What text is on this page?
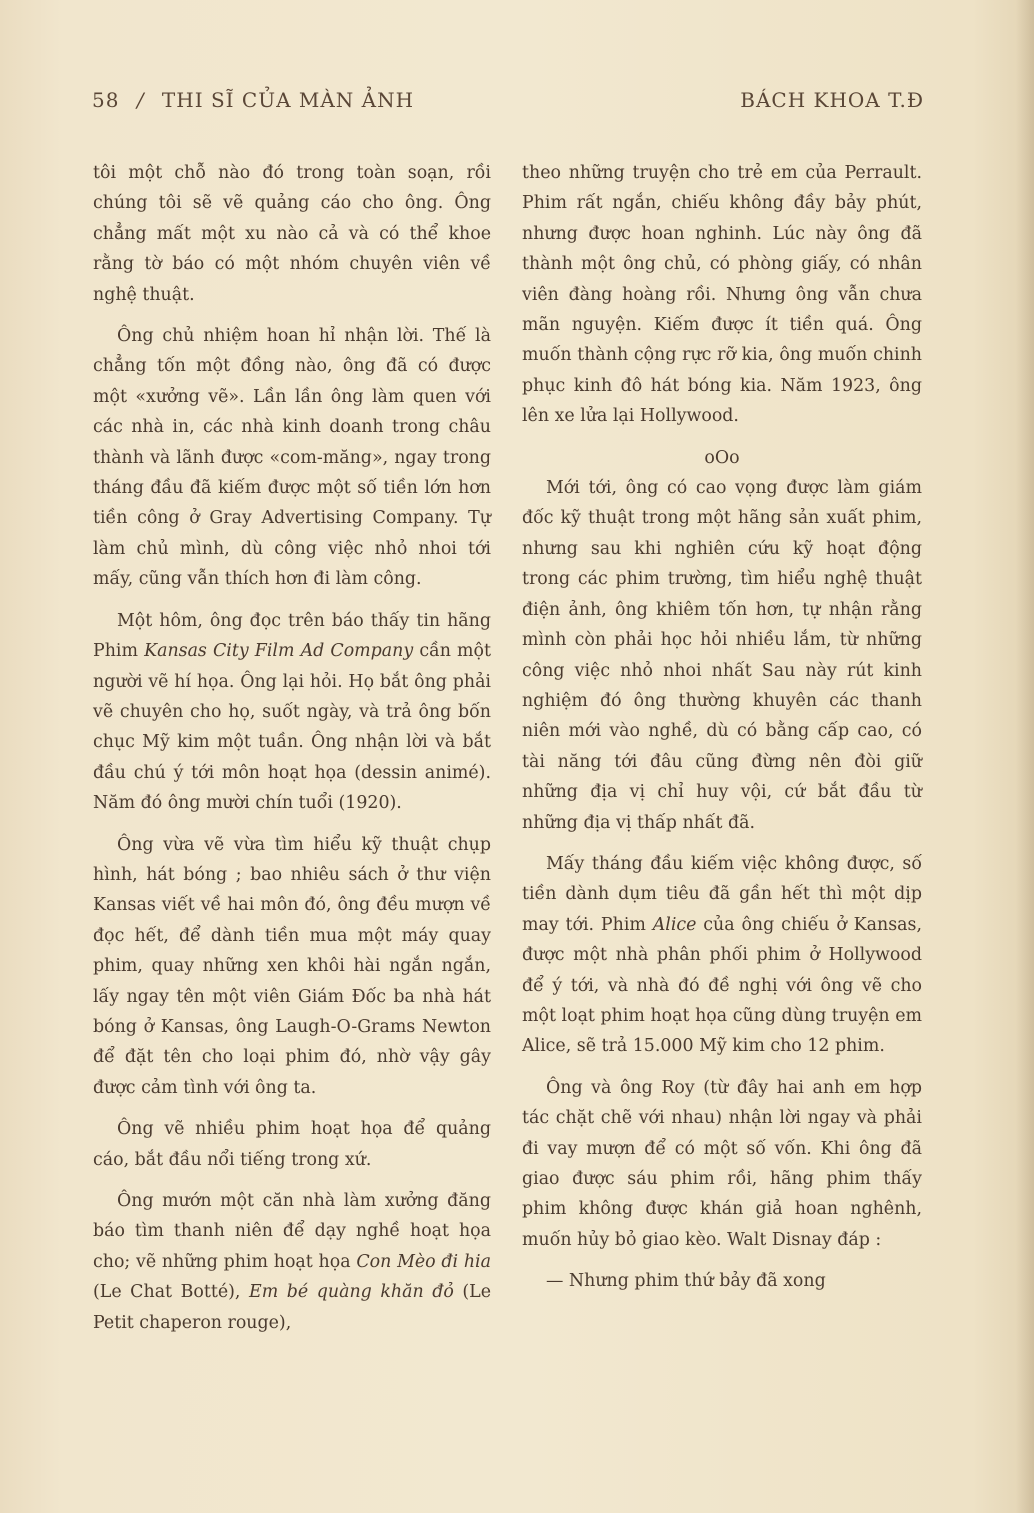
58 / THI SĨ CỦA MÀN ẢNH	BÁCH KHOA T.Đ

tôi một chỗ nào đó trong toàn soạn, rồi chúng tôi sẽ vẽ quảng cáo cho ông. Ông chẳng mất một xu nào cả và có thể khoe rằng tờ báo có một nhóm chuyên viên về nghệ thuật.

Ông chủ nhiệm hoan hỉ nhận lời. Thế là chẳng tốn một đồng nào, ông đã có được một «xưởng vẽ». Lần lần ông làm quen với các nhà in, các nhà kinh doanh trong châu thành và lãnh được «com-măng», ngay trong tháng đầu đã kiếm được một số tiền lớn hơn tiền công ở Gray Advertising Company. Tự làm chủ mình, dù công việc nhỏ nhoi tới mấy, cũng vẫn thích hơn đi làm công.

Một hôm, ông đọc trên báo thấy tin hãng Phim Kansas City Film Ad Company cần một người vẽ hí họa. Ông lại hỏi. Họ bắt ông phải vẽ chuyên cho họ, suốt ngày, và trả ông bốn chục Mỹ kim một tuần. Ông nhận lời và bắt đầu chú ý tới môn hoạt họa (dessin animé). Năm đó ông mười chín tuổi (1920).

Ông vừa vẽ vừa tìm hiểu kỹ thuật chụp hình, hát bóng ; bao nhiêu sách ở thư viện Kansas viết về hai môn đó, ông đều mượn về đọc hết, để dành tiền mua một máy quay phim, quay những xen khôi hài ngắn ngắn, lấy ngay tên một viên Giám Đốc ba nhà hát bóng ở Kansas, ông Laugh-O-Grams Newton để đặt tên cho loại phim đó, nhờ vậy gây được cảm tình với ông ta.

Ông vẽ nhiều phim hoạt họa để quảng cáo, bắt đầu nổi tiếng trong xứ.

Ông mướn một căn nhà làm xưởng đăng báo tìm thanh niên để dạy nghề hoạt họa cho; vẽ những phim hoạt họa Con Mèo đi hia (Le Chat Botté), Em bé quàng khăn đỏ (Le Petit chaperon rouge),

theo những truyện cho trẻ em của Perrault. Phim rất ngắn, chiếu không đầy bảy phút, nhưng được hoan nghinh. Lúc này ông đã thành một ông chủ, có phòng giấy, có nhân viên đàng hoàng rồi. Nhưng ông vẫn chưa mãn nguyện. Kiếm được ít tiền quá. Ông muốn thành cộng rực rỡ kia, ông muốn chinh phục kinh đô hát bóng kia. Năm 1923, ông lên xe lửa lại Hollywood.

oOo

Mới tới, ông có cao vọng được làm giám đốc kỹ thuật trong một hãng sản xuất phim, nhưng sau khi nghiên cứu kỹ hoạt động trong các phim trường, tìm hiểu nghệ thuật điện ảnh, ông khiêm tốn hơn, tự nhận rằng mình còn phải học hỏi nhiều lắm, từ những công việc nhỏ nhoi nhất Sau này rút kinh nghiệm đó ông thường khuyên các thanh niên mới vào nghề, dù có bằng cấp cao, có tài năng tới đâu cũng đừng nên đòi giữ những địa vị chỉ huy vội, cứ bắt đầu từ những địa vị thấp nhất đã.

Mấy tháng đầu kiếm việc không được, số tiền dành dụm tiêu đã gần hết thì một dịp may tới. Phim Alice của ông chiếu ở Kansas, được một nhà phân phối phim ở Hollywood để ý tới, và nhà đó đề nghị với ông vẽ cho một loạt phim hoạt họa cũng dùng truyện em Alice, sẽ trả 15.000 Mỹ kim cho 12 phim.

Ông và ông Roy (từ đây hai anh em hợp tác chặt chẽ với nhau) nhận lời ngay và phải đi vay mượn để có một số vốn. Khi ông đã giao được sáu phim rồi, hãng phim thấy phim không được khán giả hoan nghênh, muốn hủy bỏ giao kèo. Walt Disnay đáp :

— Nhưng phim thứ bảy đã xong
